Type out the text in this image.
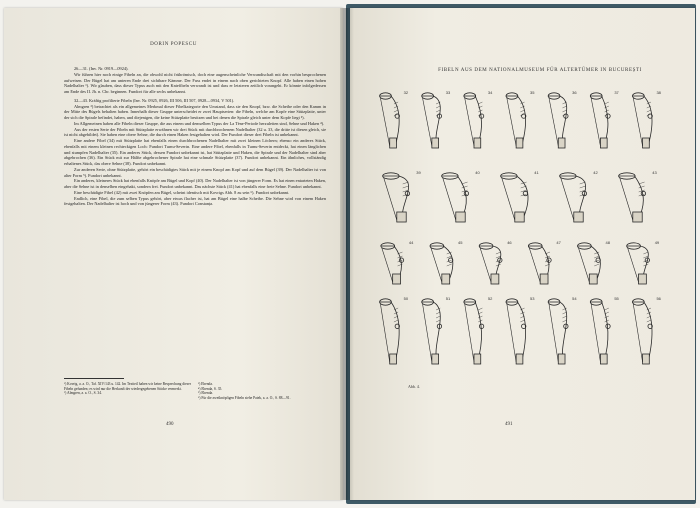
DORIN POPESCU

26—31. (Inv. Nr. 0919—0924).

Wir führen hier noch einige Fibeln an, die obwohl nicht frührömisch, doch eine augenscheinliche Verwandtschaft mit den vorhin besprochenen aufweisen. Der Bügel hat am unteren Ende drei sichtbare Kämme. Der Fuss endet in einem nach oben gerichteten Knopf. Alle haben einen hohen Nadelhalter ¹). Wir glauben, dass dieser Typus auch mit den Kniefibeln verwandt ist und dass er letzteren zeitlich vorangeht. Er könnte infolgedessen am Ende des II. Jh. n. Chr. beginnen. Fundort für alle sechs unbekannt.

32—43. Kräftig profilierte Fibeln (Inv. Nr. 0925, 0926, III 506, III 507, 0928—0934, V 501).

Almgren ²) betrachtet als ein allgemeines Merkmal dieser Fibelkategorie den Umstand, dass sie den Knopf, bzw. die Scheibe oder den Kamm in der Mitte des Bügels behalten haben. Innerhalb dieser Gruppe unterscheidet er zwei Hauptserien: die Fibeln, welche am Kopfe eine Stützplatte, unter der sich die Spirale befindet, haben, und diejenigen, die keine Stützplatte besitzen und bei denen die Spirale gleich unter dem Kopfe liegt ³).

Im Allgemeinen haben alle Fibeln dieser Gruppe, die aus einem und demselben Typus der La Tène-Periode herzuleiten sind, Sehne und Haken ⁴).

Aus der ersten Serie der Fibeln mit Stützplatte erwähnen wir drei Stück mit durchbrochenem Nadelhalter (32 u. 33, die dritte ist diesen gleich, sie ist nicht abgebildet). Sie haben eine obere Sehne, die durch einen Haken festgehalten wird. Der Fundort dieser drei Fibeln ist unbekannt.

Eine andere Fibel (34) mit Stützplatte hat ebenfalls einen durchbrochenen Nadelhalter mit zwei kleinen Löchern; ebenso ein anderes Stück, ebenfalls mit einem kleinen rechteckigen Loch: Fundort Turnu-Severin. Eine andere Fibel, ebenfalls in Turnu-Severin entdeckt, hat einen länglichen und stumpfen Nadelhalter (35). Ein anderes Stück, dessen Fundort unbekannt ist, hat Stützplatte und Haken, die Spirale und der Nadelhalter sind aber abgebrochen (36). Ein Stück mit zur Hälfte abgebrochener Spirale hat eine schmale Stützplatte (37). Fundort unbekannt. Ein ähnliches, vollständig erhaltenes Stück, das obere Sehne (38). Fundort unbekannt.

Zur anderen Serie, ohne Stützplatte, gehört ein beschädigtes Stück mit je einem Knopf am Kopf und auf dem Bügel (39). Der Nadelhalter ist von alter Form ⁵). Fundort unbekannt.

Ein anderes, kleineres Stück hat ebenfalls Knöpfe am Bügel und Kopf (40). Der Nadelhalter ist von jüngerer Form. Es hat einen entarteten Haken, aber die Sehne ist in denselben eingehakt, sondern frei. Fundort unbekannt. Das nächste Stück (41) hat ebenfalls eine freie Sehne. Fundort unbekannt.

Eine beschädigte Fibel (42) mit zwei Knöpfen am Bügel, scheint identisch mit Kovrigs Abb. 8 zu sein ⁶). Fundort unbekannt.

Endlich, eine Fibel, die zum selben Typus gehört, aber etwas flacher ist, hat am Bügel eine halbe Scheibe. Die Sehne wird von einem Haken festgehalten. Der Nadelhalter ist hoch und von jüngerer Form (43). Fundort Constanța.

¹) Kovrig, a. a. O., Taf. XIV/143 u. 142. Im Textteil haben wir keine Besprechung dieser Fibeln gefunden; es wird nur die Herkunft der wiedergegebenen Stücke vermerkt.
²) Almgren, a. a. O., S. 34.
³) Ebenda.
⁴) Ebenda, S. 35.
⁵) Ebenda.
⁶) Für die zweiknöpfigen Fibeln siehe Patek, a. a. O., S. 88—91.
490
FIBELN AUS DEM NATIONALMUSEUM FÜR ALTERTÜMER IN BUCUREȘTI
32	33	34	35	36	37	38
39	40	41	42	43
44	45	46	47	48	49
50	51	52	53	54	55	56
Abb. 4.
491
